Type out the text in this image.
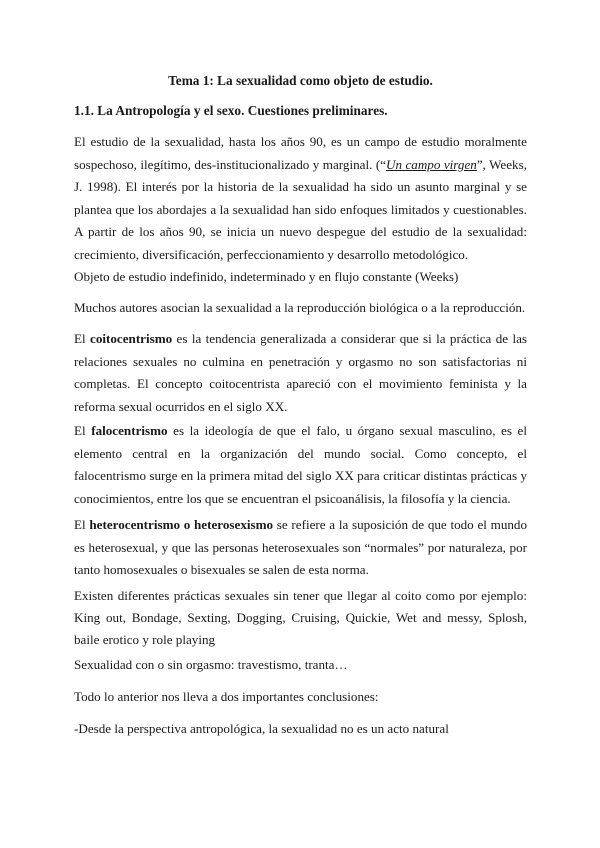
Tema 1: La sexualidad como objeto de estudio.
1.1. La Antropología y el sexo. Cuestiones preliminares.

El estudio de la sexualidad, hasta los años 90, es un campo de estudio moralmente sospechoso, ilegítimo, des-institucionalizado y marginal. (“Un campo virgen”, Weeks, J. 1998). El interés por la historia de la sexualidad ha sido un asunto marginal y se plantea que los abordajes a la sexualidad han sido enfoques limitados y cuestionables. A partir de los años 90, se inicia un nuevo despegue del estudio de la sexualidad: crecimiento, diversificación, perfeccionamiento y desarrollo metodológico.

Objeto de estudio indefinido, indeterminado y en flujo constante (Weeks)

Muchos autores asocian la sexualidad a la reproducción biológica o a la reproducción.

El coitocentrismo es la tendencia generalizada a considerar que si la práctica de las relaciones sexuales no culmina en penetración y orgasmo no son satisfactorias ni completas. El concepto coitocentrista apareció con el movimiento feminista y la reforma sexual ocurridos en el siglo XX.

El falocentrismo es la ideología de que el falo, u órgano sexual masculino, es el elemento central en la organización del mundo social. Como concepto, el falocentrismo surge en la primera mitad del siglo XX para criticar distintas prácticas y conocimientos, entre los que se encuentran el psicoanálisis, la filosofía y la ciencia.

El heterocentrismo o heterosexismo se refiere a la suposición de que todo el mundo es heterosexual, y que las personas heterosexuales son “normales” por naturaleza, por tanto homosexuales o bisexuales se salen de esta norma.

Existen diferentes prácticas sexuales sin tener que llegar al coito como por ejemplo: King out, Bondage, Sexting, Dogging, Cruising, Quickie, Wet and messy, Splosh, baile erotico y role playing

Sexualidad con o sin orgasmo: travestismo, tranta…

Todo lo anterior nos lleva a dos importantes conclusiones:

-Desde la perspectiva antropológica, la sexualidad no es un acto natural
